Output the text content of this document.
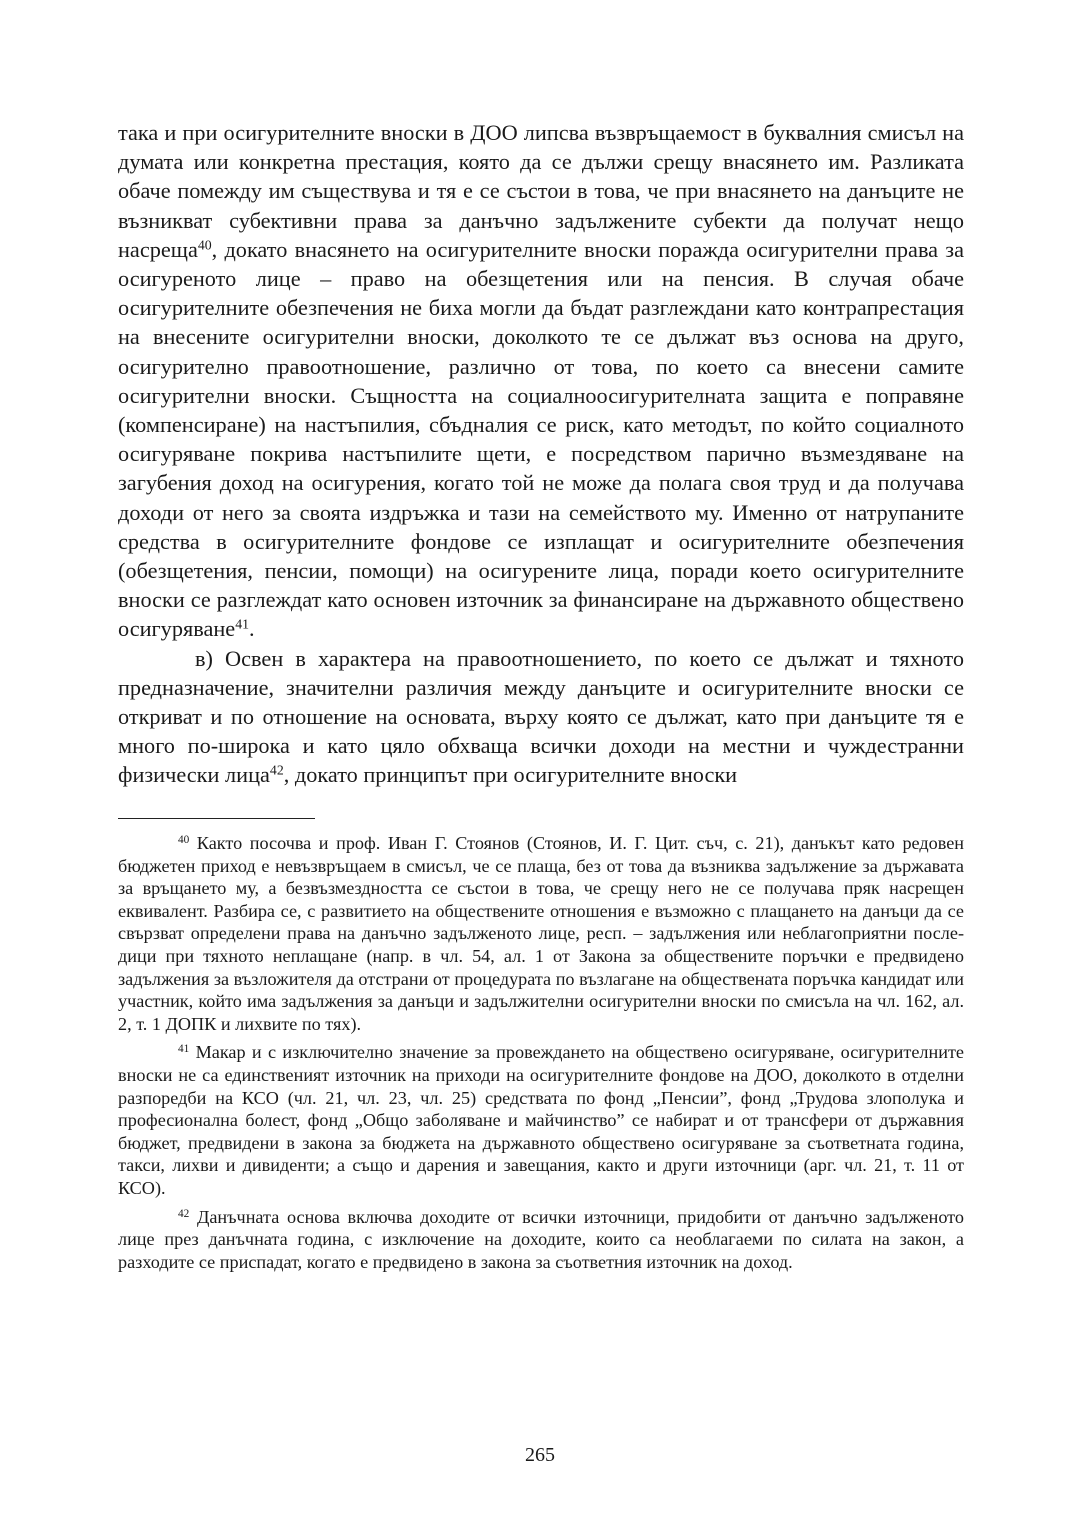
така и при осигурителните вноски в ДОО липсва възвръщаемост в буквалния смисъл на думата или конкретна престация, която да се дължи срещу внасянето им. Разликата обаче помежду им съществува и тя е се състои в това, че при внасянето на данъците не възникват субективни права за данъчно задължените субекти да получат нещо насреща$^{40}$, докато внасянето на осигурителните вноски поражда осигурителни права за осигуреното лице – право на обезщетения или на пенсия. В случая обаче осигурителните обезпечения не биха могли да бъдат разглеждани като контрапрестация на внесените осигурителни вноски, доколкото те се дължат въз основа на друго, осигурително правоотношение, различно от това, по което са внесени самите осигурителни вноски. Същността на социалноосигурителната защита е поправяне (компенсиране) на настъпилия, сбъдналия се риск, като методът, по който социалното осигуряване покрива настъпилите щети, е посредством парично възмездяване на загубения доход на осигурения, когато той не може да полага своя труд и да получава доходи от него за своята издръжка и тази на семейството му. Именно от натрупаните средства в осигурителните фондове се изплащат и осигурителните обезпечения (обезщетения, пенсии, помощи) на осигурените лица, поради което осигурителните вноски се разглеждат като основен източник за финансиране на държавното обществено осигуряване$^{41}$.

в) Освен в характера на правоотношението, по което се дължат и тяхното предназначение, значителни различия между данъците и осигурителните вноски се откриват и по отношение на основата, върху която се дължат, като при данъците тя е много по-широка и като цяло обхваща всички доходи на местни и чуждестранни физически лица$^{42}$, докато принципът при осигурителните вноски

$^{40}$ Както посочва и проф. Иван Г. Стоянов (Стоянов, И. Г. Цит. съч, с. 21), данъкът като редовен бюджетен приход е невъзвръщаем в смисъл, че се плаща, без от това да възниква задължение за държавата за връщането му, а безвъзмездността се състои в това, че срещу него не се получава пряк насрещен еквивалент. Разбира се, с развитието на обществените отношения е възможно с плащането на данъци да се свързват определени права на данъчно задълженото лице, респ. – задължения или неблагоприятни последици при тяхното неплащане (напр. в чл. 54, ал. 1 от Закона за обществените поръчки е предвидено задължения за възложителя да отстрани от процедурата по възлагане на обществената поръчка кандидат или участник, който има задължения за данъци и задължителни осигурителни вноски по смисъла на чл. 162, ал. 2, т. 1 ДОПК и лихвите по тях).

$^{41}$ Макар и с изключително значение за провеждането на обществено осигуряване, осигурителните вноски не са единственият източник на приходи на осигурителните фондове на ДОО, доколкото в отделни разпоредби на КСО (чл. 21, чл. 23, чл. 25) средствата по фонд „Пенсии”, фонд „Трудова злополука и професионална болест, фонд „Общо заболяване и майчинство” се набират и от трансфери от държавния бюджет, предвидени в закона за бюджета на държавното обществено осигуряване за съответната година, такси, лихви и дивиденти; а също и дарения и завещания, както и други източници (арг. чл. 21, т. 11 от КСО).

$^{42}$ Данъчната основа включва доходите от всички източници, придобити от данъчно задълженото лице през данъчната година, с изключение на доходите, които са необлагаеми по силата на закон, а разходите се приспадат, когато е предвидено в закона за съответния източник на доход.

265
